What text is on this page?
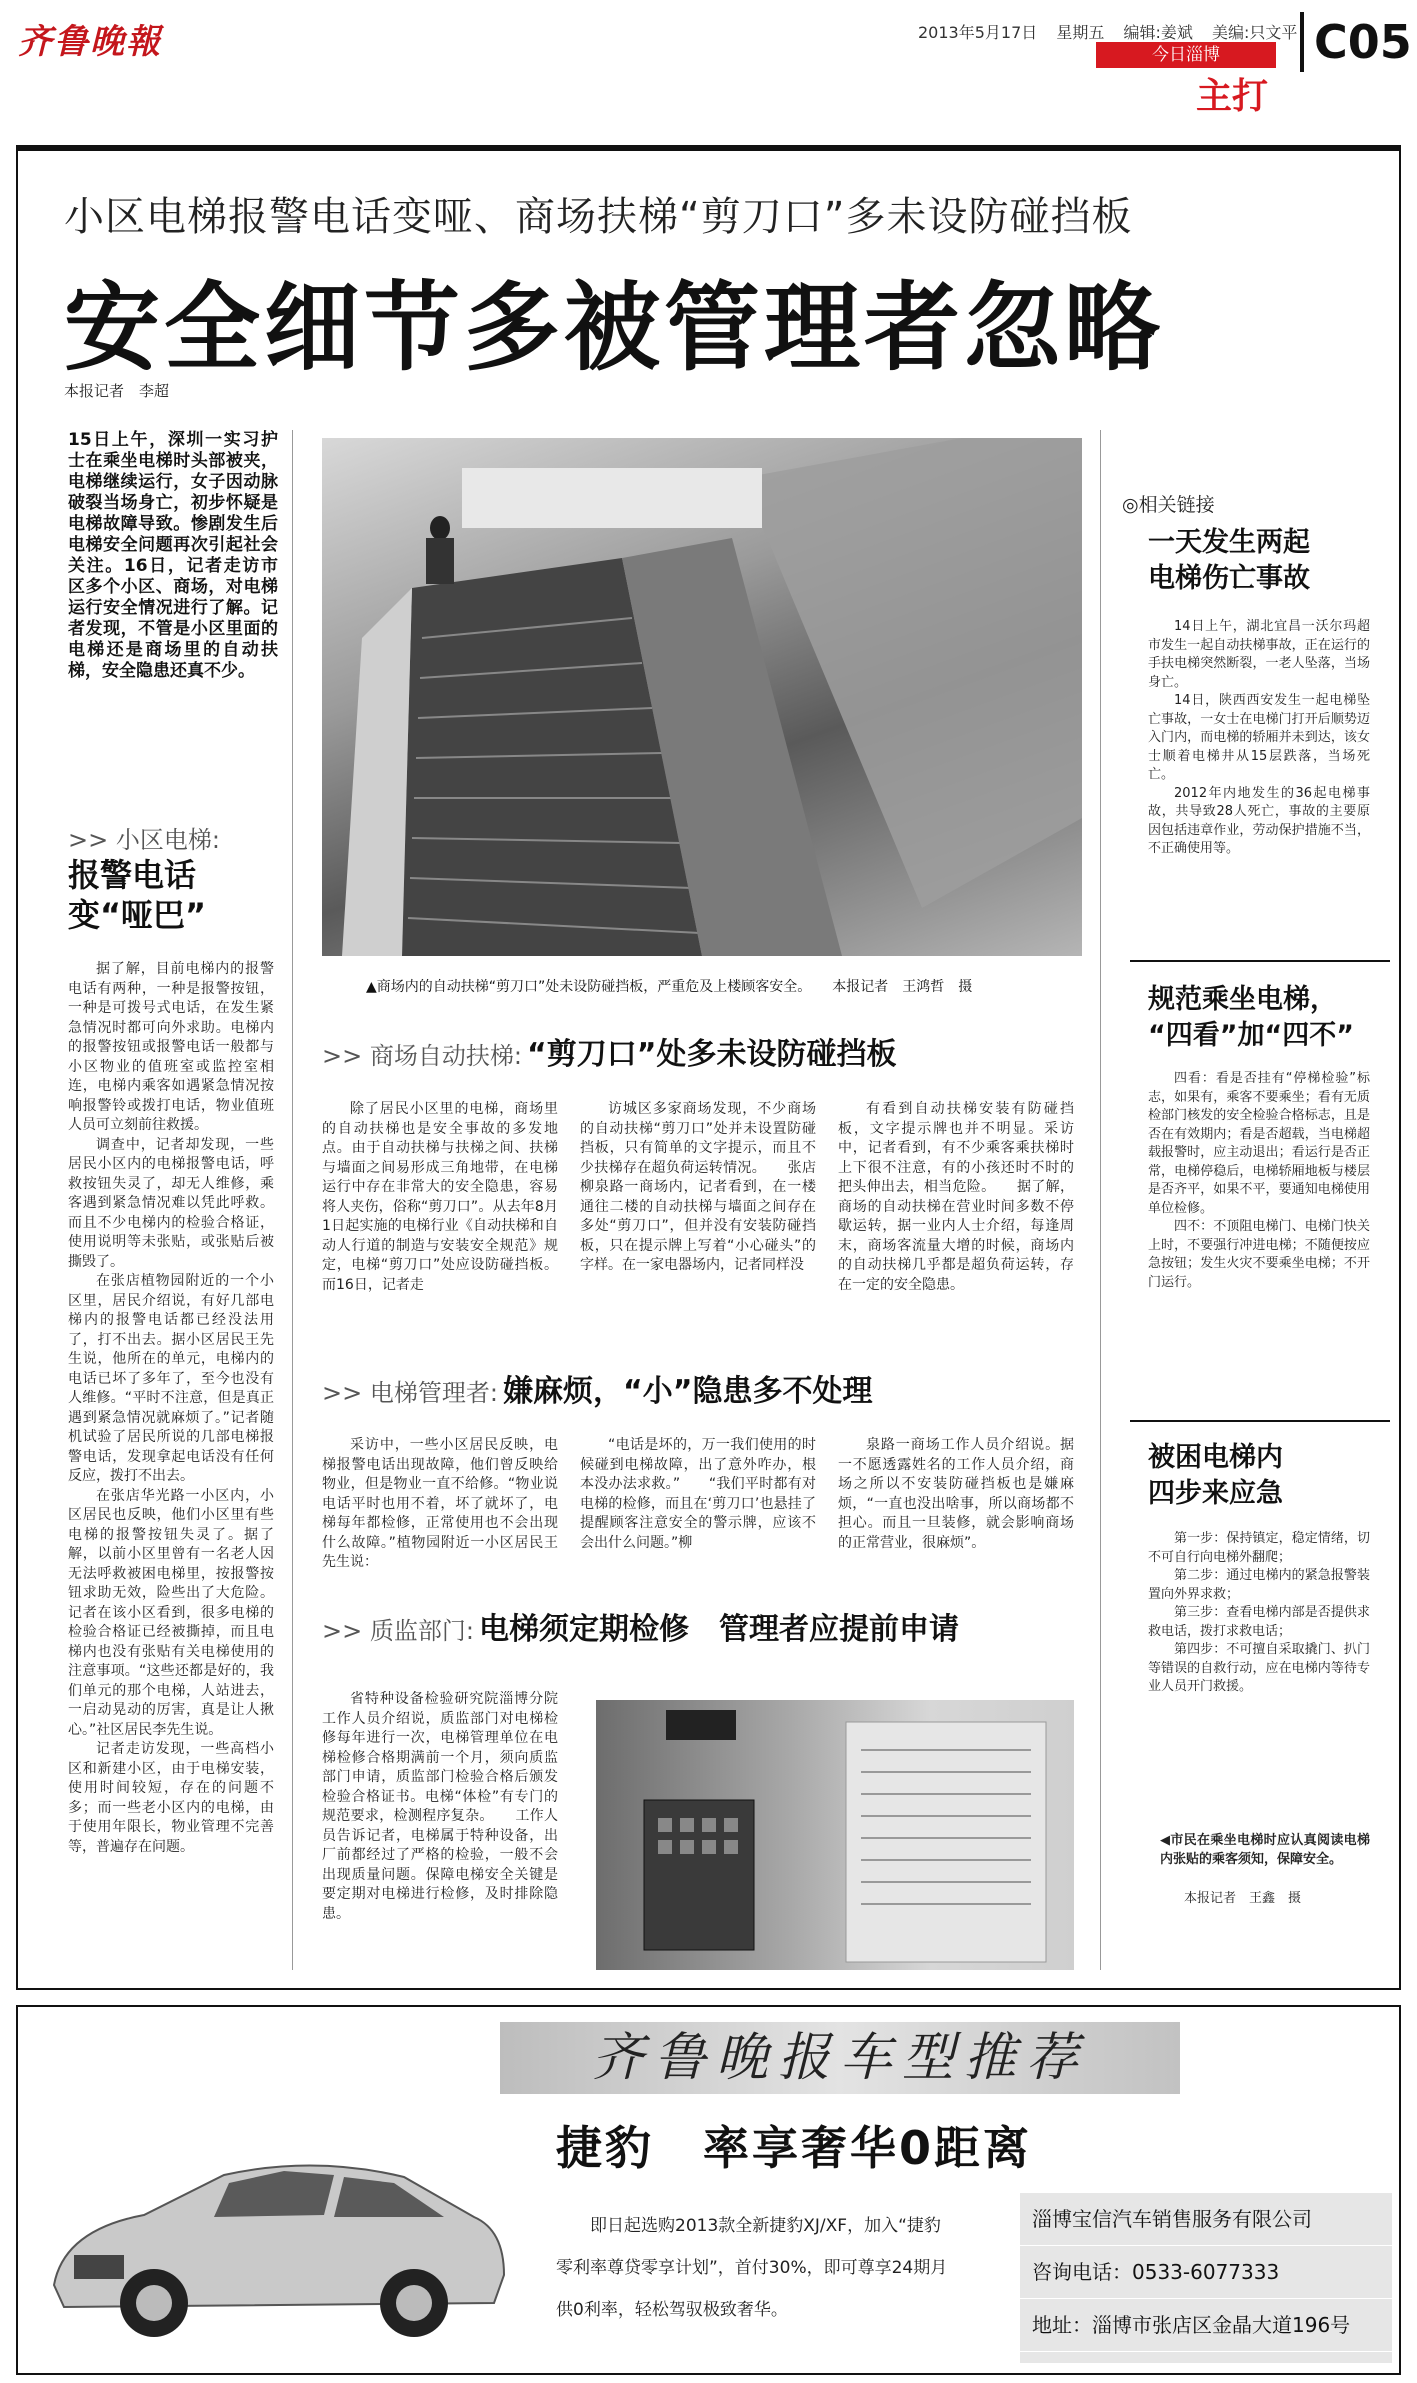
齐鲁晚報	2013年5月17日 星期五 编辑:姜斌 美编:只文平
今日淄博
主打
C05
小区电梯报警电话变哑、商场扶梯“剪刀口”多未设防碰挡板
安全细节多被管理者忽略
本报记者　李超
15日上午，深圳一实习护士在乘坐电梯时头部被夹，电梯继续运行，女子因动脉破裂当场身亡，初步怀疑是电梯故障导致。惨剧发生后电梯安全问题再次引起社会关注。16日，记者走访市区多个小区、商场，对电梯运行安全情况进行了解。记者发现，不管是小区里面的电梯还是商场里的自动扶梯，安全隐患还真不少。
>> 小区电梯:
报警电话
变“哑巴”

据了解，目前电梯内的报警电话有两种，一种是报警按钮，一种是可拨号式电话，在发生紧急情况时都可向外求助。电梯内的报警按钮或报警电话一般都与小区物业的值班室或监控室相连，电梯内乘客如遇紧急情况按响报警铃或拨打电话，物业值班人员可立刻前往救援。

调查中，记者却发现，一些居民小区内的电梯报警电话，呼救按钮失灵了，却无人维修，乘客遇到紧急情况难以凭此呼救。而且不少电梯内的检验合格证，使用说明等未张贴，或张贴后被撕毁了。

在张店植物园附近的一个小区里，居民介绍说，有好几部电梯内的报警电话都已经没法用了，打不出去。据小区居民王先生说，他所在的单元，电梯内的电话已坏了多年了，至今也没有人维修。“平时不注意，但是真正遇到紧急情况就麻烦了。”记者随机试验了居民所说的几部电梯报警电话，发现拿起电话没有任何反应，拨打不出去。

在张店华光路一小区内，小区居民也反映，他们小区里有些电梯的报警按钮失灵了。据了解，以前小区里曾有一名老人因无法呼救被困电梯里，按报警按钮求助无效，险些出了大危险。记者在该小区看到，很多电梯的检验合格证已经被撕掉，而且电梯内也没有张贴有关电梯使用的注意事项。“这些还都是好的，我们单元的那个电梯，人站进去，一启动晃动的厉害，真是让人揪心。”社区居民李先生说。

记者走访发现，一些高档小区和新建小区，由于电梯安装，使用时间较短，存在的问题不多；而一些老小区内的电梯，由于使用年限长，物业管理不完善等，普遍存在问题。

▲商场内的自动扶梯“剪刀口”处未设防碰挡板，严重危及上楼顾客安全。　　本报记者　王鸿哲　摄
>> 商场自动扶梯: “剪刀口”处多未设防碰挡板

除了居民小区里的电梯，商场里的自动扶梯也是安全事故的多发地点。由于自动扶梯与扶梯之间、扶梯与墙面之间易形成三角地带，在电梯运行中存在非常大的安全隐患，容易将人夹伤，俗称“剪刀口”。从去年8月1日起实施的电梯行业《自动扶梯和自动人行道的制造与安装安全规范》规定，电梯“剪刀口”处应设防碰挡板。而16日，记者走

访城区多家商场发现，不少商场的自动扶梯“剪刀口”处并未设置防碰挡板，只有简单的文字提示，而且不少扶梯存在超负荷运转情况。　　张店柳泉路一商场内，记者看到，在一楼通往二楼的自动扶梯与墙面之间存在多处“剪刀口”，但并没有安装防碰挡板，只在提示牌上写着“小心碰头”的字样。在一家电器场内，记者同样没

有看到自动扶梯安装有防碰挡板，文字提示牌也并不明显。采访中，记者看到，有不少乘客乘扶梯时上下很不注意，有的小孩还时不时的把头伸出去，相当危险。　　据了解，商场的自动扶梯在营业时间多数不停歇运转，据一业内人士介绍，每逢周末，商场客流量大增的时候，商场内的自动扶梯几乎都是超负荷运转，存在一定的安全隐患。

>> 电梯管理者: 嫌麻烦，“小”隐患多不处理

采访中，一些小区居民反映，电梯报警电话出现故障，他们曾反映给物业，但是物业一直不给修。“物业说电话平时也用不着，坏了就坏了，电梯每年都检修，正常使用也不会出现什么故障。”植物园附近一小区居民王先生说：

“电话是坏的，万一我们使用的时候碰到电梯故障，出了意外咋办，根本没办法求救。”　　“我们平时都有对电梯的检修，而且在‘剪刀口’也悬挂了提醒顾客注意安全的警示牌，应该不会出什么问题。”柳

泉路一商场工作人员介绍说。据一不愿透露姓名的工作人员介绍，商场之所以不安装防碰挡板也是嫌麻烦，“一直也没出啥事，所以商场都不担心。而且一旦装修，就会影响商场的正常营业，很麻烦”。

>> 质监部门: 电梯须定期检修　管理者应提前申请

省特种设备检验研究院淄博分院工作人员介绍说，质监部门对电梯检修每年进行一次，电梯管理单位在电梯检修合格期满前一个月，须向质监部门申请，质监部门检验合格后颁发检验合格证书。电梯“体检”有专门的规范要求，检测程序复杂。　　工作人员告诉记者，电梯属于特种设备，出厂前都经过了严格的检验，一般不会出现质量问题。保障电梯安全关键是要定期对电梯进行检修，及时排除隐患。

◎相关链接
一天发生两起
电梯伤亡事故

14日上午，湖北宜昌一沃尔玛超市发生一起自动扶梯事故，正在运行的手扶电梯突然断裂，一老人坠落，当场身亡。

14日，陕西西安发生一起电梯坠亡事故，一女士在电梯门打开后顺势迈入门内，而电梯的轿厢并未到达，该女士顺着电梯井从15层跌落，当场死亡。

2012年内地发生的36起电梯事故，共导致28人死亡，事故的主要原因包括违章作业，劳动保护措施不当，不正确使用等。

规范乘坐电梯，
“四看”加“四不”

四看：看是否挂有“停梯检验”标志，如果有，乘客不要乘坐；看有无质检部门核发的安全检验合格标志，且是否在有效期内；看是否超载，当电梯超载报警时，应主动退出；看运行是否正常，电梯停稳后，电梯轿厢地板与楼层是否齐平，如果不平，要通知电梯使用单位检修。

四不：不顶阻电梯门、电梯门快关上时，不要强行冲进电梯；不随便按应急按钮；发生火灾不要乘坐电梯；不开门运行。

被困电梯内
四步来应急

第一步：保持镇定，稳定情绪，切不可自行向电梯外翻爬；

第二步：通过电梯内的紧急报警装置向外界求救；

第三步：查看电梯内部是否提供求救电话，拨打求救电话；

第四步：不可擅自采取撬门、扒门等错误的自救行动，应在电梯内等待专业人员开门救援。

◀市民在乘坐电梯时应认真阅读电梯内张贴的乘客须知，保障安全。
本报记者　王鑫　摄
齐鲁晚报车型推荐
捷豹　率享奢华0距离
即日起选购2013款全新捷豹XJ/XF，加入“捷豹
零利率尊贷零享计划”，首付30%，即可尊享24期月
供0利率，轻松驾驭极致奢华。
淄博宝信汽车销售服务有限公司
咨询电话：0533-6077333
地址：淄博市张店区金晶大道196号
